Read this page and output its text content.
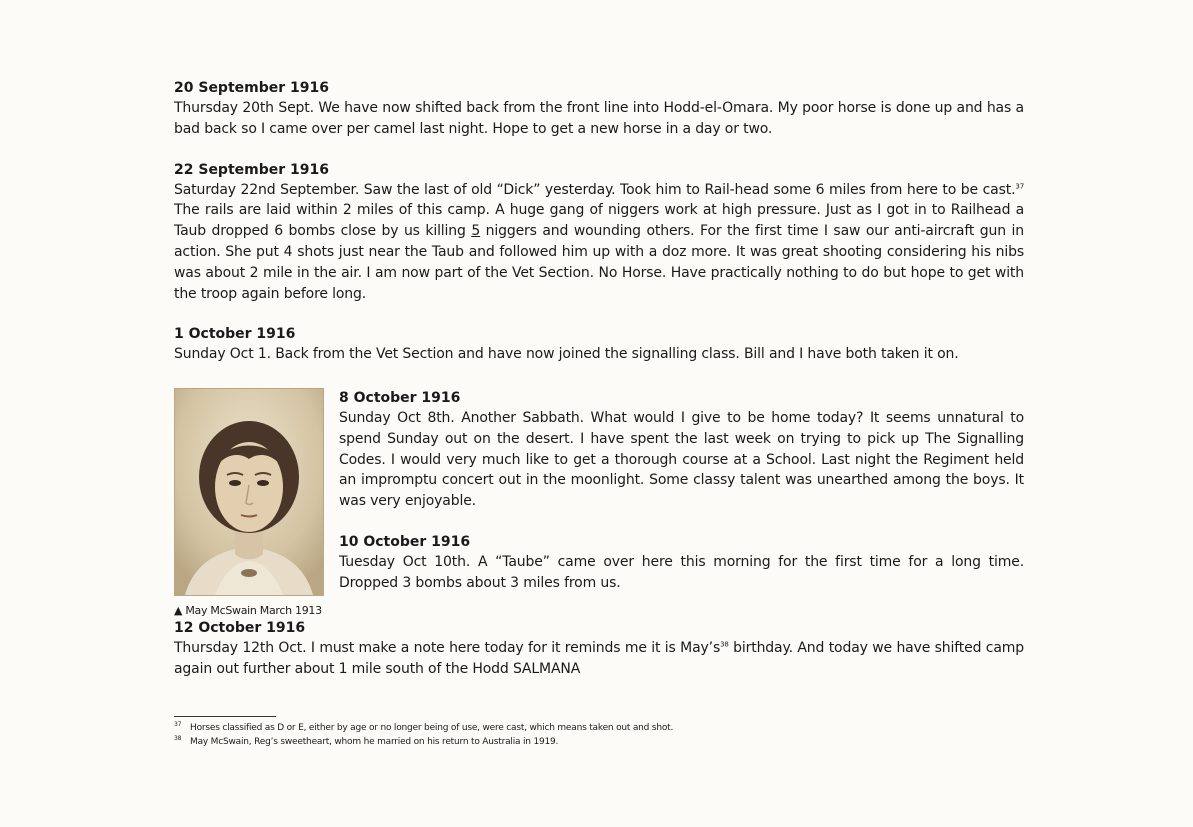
20 September 1916

Thursday 20th Sept. We have now shifted back from the front line into Hodd-el-Omara. My poor horse is done up and has a bad back so I came over per camel last night. Hope to get a new horse in a day or two.

22 September 1916

Saturday 22nd September. Saw the last of old “Dick” yesterday. Took him to Rail-head some 6 miles from here to be cast.$^{37}$ The rails are laid within 2 miles of this camp. A huge gang of niggers work at high pressure. Just as I got in to Railhead a Taub dropped 6 bombs close by us killing 5 niggers and wounding others. For the first time I saw our anti-aircraft gun in action. She put 4 shots just near the Taub and followed him up with a doz more. It was great shooting considering his nibs was about 2 mile in the air. I am now part of the Vet Section. No Horse. Have practically nothing to do but hope to get with the troop again before long.

1 October 1916

Sunday Oct 1. Back from the Vet Section and have now joined the signalling class. Bill and I have both taken it on.

▲ May McSwain March 1913

8 October 1916

Sunday Oct 8th. Another Sabbath. What would I give to be home today? It seems unnatural to spend Sunday out on the desert. I have spent the last week on trying to pick up The Signalling Codes. I would very much like to get a thorough course at a School. Last night the Regiment held an impromptu concert out in the moonlight. Some classy talent was unearthed among the boys. It was very enjoyable.

10 October 1916

Tuesday Oct 10th. A “Taube” came over here this morning for the first time for a long time. Dropped 3 bombs about 3 miles from us.

12 October 1916

Thursday 12th Oct. I must make a note here today for it reminds me it is $May’s^{38}$ birthday. And today we have shifted camp again out further about 1 mile south of the Hodd SALMANA

37 Horses classified as D or E, either by age or no longer being of use, were cast, which means taken out and shot.

38 May McSwain, Reg’s sweetheart, whom he married on his return to Australia in 1919.
